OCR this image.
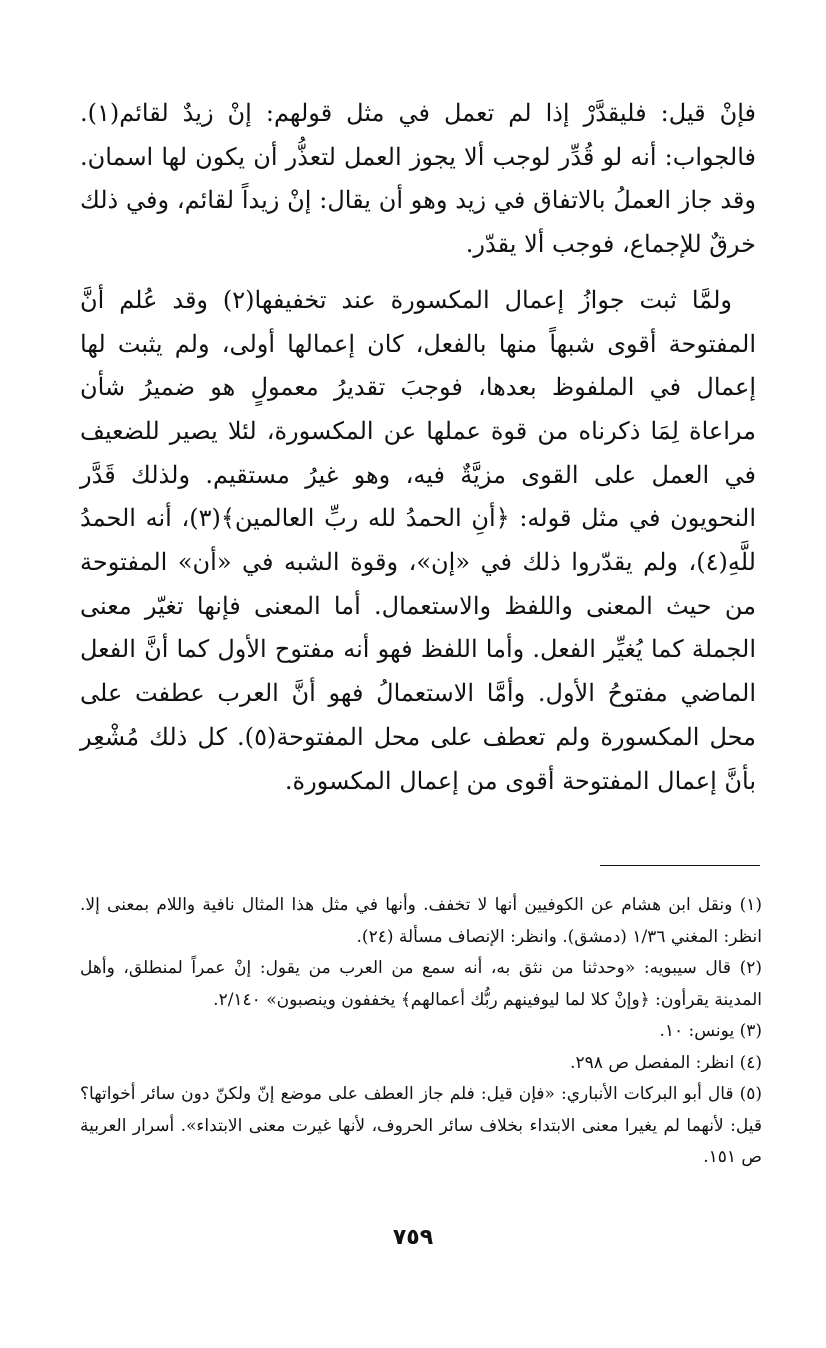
فإنْ قيل: فليقدَّرْ إذا لم تعمل في مثل قولهم: إنْ زيدٌ لقائم(١). فالجواب: أنه لو قُدِّر لوجب ألا يجوز العمل لتعذُّر أن يكون لها اسمان. وقد جاز العملُ بالاتفاق في زيد وهو أن يقال: إنْ زيداً لقائم، وفي ذلك خرقٌ للإجماع، فوجب ألا يقدّر.

ولمَّا ثبت جوازُ إعمال المكسورة عند تخفيفها(٢) وقد عُلم أنَّ المفتوحة أقوى شبهاً منها بالفعل، كان إعمالها أولى، ولم يثبت لها إعمال في الملفوظ بعدها، فوجبَ تقديرُ معمولٍ هو ضميرُ شأن مراعاة لِمَا ذكرناه من قوة عملها عن المكسورة، لئلا يصير للضعيف في العمل على القوى مزيَّةٌ فيه، وهو غيرُ مستقيم. ولذلك قَدَّر النحويون في مثل قوله: ﴿أنِ الحمدُ لله ربِّ العالمين﴾(٣)، أنه الحمدُ للَّهِ(٤)، ولم يقدّروا ذلك في «إن»، وقوة الشبه في «أن» المفتوحة من حيث المعنى واللفظ والاستعمال. أما المعنى فإنها تغيّر معنى الجملة كما يُغيِّر الفعل. وأما اللفظ فهو أنه مفتوح الأول كما أنَّ الفعل الماضي مفتوحُ الأول. وأمَّا الاستعمالُ فهو أنَّ العرب عطفت على محل المكسورة ولم تعطف على محل المفتوحة(٥). كل ذلك مُشْعِر بأنَّ إعمال المفتوحة أقوى من إعمال المكسورة.

(١) ونقل ابن هشام عن الكوفيين أنها لا تخفف. وأنها في مثل هذا المثال نافية واللام بمعنى إلا. انظر: المغني ١/٣٦ (دمشق). وانظر: الإنصاف مسألة (٢٤).

(٢) قال سيبويه: «وحدثنا من نثق به، أنه سمع من العرب من يقول: إنْ عمراً لمنطلق، وأهل المدينة يقرأون: ﴿وإنْ كلا لما ليوفينهم ربُّك أعمالهم﴾ يخففون وينصبون» ٢/١٤٠.

(٣) يونس: ١٠.

(٤) انظر: المفصل ص ٢٩٨.

(٥) قال أبو البركات الأنباري: «فإن قيل: فلم جاز العطف على موضع إنّ ولكنّ دون سائر أخواتها؟ قيل: لأنهما لم يغيرا معنى الابتداء بخلاف سائر الحروف، لأنها غيرت معنى الابتداء». أسرار العربية ص ١٥١.

٧٥٩
